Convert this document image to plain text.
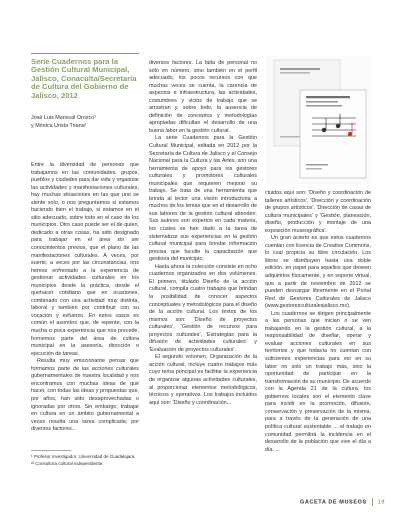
Serie Cuadernos para la Gestión Cultural Municipal, Jalisco, Conaculta/Secretaría de Cultura del Gobierno de Jalisco, 2012
José Luis Mariscal Orozco¹
y Mónica Urista Triana²

Entre la diversidad de personas que trabajamos en las comunidades, grupos, pueblos y ciudades para dar vida y organizar las actividades y manifestaciones culturales, hay muchas situaciones en las que uno se siente solo, o nos preguntamos si estamos haciendo bien el trabajo, si estamos en el sitio adecuado, sobre todo en el caso de los municipios. Otro caso puede ser el de quien, dedicado a otras cosas, ha sido designado para trabajar en el área sin ser conocimientos previos, que el plano de las manifestaciones culturales. A veces, por suerte, a veces por las circunstancias, nos hemos enfrentado a la experiencia de gestionar actividades culturales en los municipios desde la práctica, desde el quehacer cotidiano que en ocasiones, combinado con una actividad muy distinta, laboral y también por contribuir con su vocación y esfuerzo. En estos casos es común el asombro que, de repente, con la mucha o poca experiencia que nos precede, formemos parte del área de cultura municipal en la asesoría, dirección o ejecución de tareas.

Resulta muy emocionante pensar que formamos parte de las acciones culturales gubernamentales de nuestra localidad y nos encontramos con muchas ideas de qué hacer, con todas las ideas y propuestas que, por años, han sido desaprovechadas o ignoradas por otros. Sin embargo, trabajar en cultura en un ámbito gubernamental a veces resulta una tarea complicada; por diversos factores...

¹ Profesor investigador, Universidad de Guadalajara.
²² Consultora cultural independiente.

diversos factores. La falta de personal no sólo en número, sino también en el perfil adecuado, los pocos recursos con que muchas veces se cuenta, la carencia de aspectos e infraestructura, las actividades, costumbres y vicios de trabajo que se arrastran y, sobre todo, la ausencia de definición de conceptos y metodologías apropiadas dificultan el desarrollo de una buena labor en la gestión cultural.

La serie Cuadernos para la Gestión Cultural Municipal, editada en 2012 por la Secretaría de Cultura de Jalisco y el Consejo Nacional para la Cultura y las Artes, son una herramienta de apoyo para los gestores culturales y promotores culturales municipales que requieren mejorar su trabajo. Se trata de una herramienta que brinda al lector una visión introductoria a muchos de los temas que en el desarrollo de sus labores de la gestión cultural atienden. Sus autores son expertos en cada materia, los cuales se han dado a la tarea de sistematizar sus experiencias en la gestión cultural municipal para brindar información precisa que faculte la capacitación que gestiona del municipio.

Hasta ahora la colección consiste en ocho cuadernos organizados en dos volúmenes. El primero, titulado Diseño de la acción cultural, compila cuatro trabajos que brindan la posibilidad de conocer aspectos conceptuales y metodológicos para el diseño de la acción cultural. Los textos de los mismos son: 'Diseño de proyectos culturales', 'Gestión de recursos para proyectos culturales', 'Estrategias para la difusión de actividades culturales' y 'Evaluación de proyectos culturales'.

El segundo volumen, Organización de la acción cultural, incluye cuatro trabajos más cuyo tema principal es facilitar la experiencia de organizar algunas actividades culturales, al proporcionar elementos metodológicos, técnicos y operativos. Los trabajos incluidos aquí son: 'Diseño y coordinación...

cluidos aquí son: 'Diseño y coordinación de talleres artísticos', 'Dirección y coordinación de grupos artísticos', 'Dirección de casas de cultura municipales' y 'Gestión, planeación, diseño, producción y montaje de una exposición museográfica'.

Un gran acierto es que estos cuadernos cuentan con licencia de Creative Commons, lo cual propicia su libre circulación. Los libros se distribuyen hasta una doble edición, en papel para aquellos que deseen adquirirlos físicamente, y en soporte virtual, que a partir de noviembre de 2012 se pueden descargar libremente en el Portal Red de Gestores Culturales de Jalisco (www.gestoresculturalesjalisco.mx).

Los cuadernos se dirigen principalmente a las personas que inician o se ven trabajando en la gestión cultural, a la responsabilidad de diseñar, operar y evaluar acciones culturales en sus territorios y que todavía no cuentan con suficientes experiencias para ver en su labor no sólo un trabajo más, sino la oportunidad de participar en la transformación de su municipio. De acuerdo con la Agenda 21 de la cultura, los gobiernos locales son el elemento clave para incidir en la promoción, difusión, conservación y preservación de la misma, para a través de la generación de una política cultural sustentable ... el trabajo en comunidad permitirá la incidencia en el desarrollo de la población que vive el día a día. ...

GACETA DE MUSEOS 19
